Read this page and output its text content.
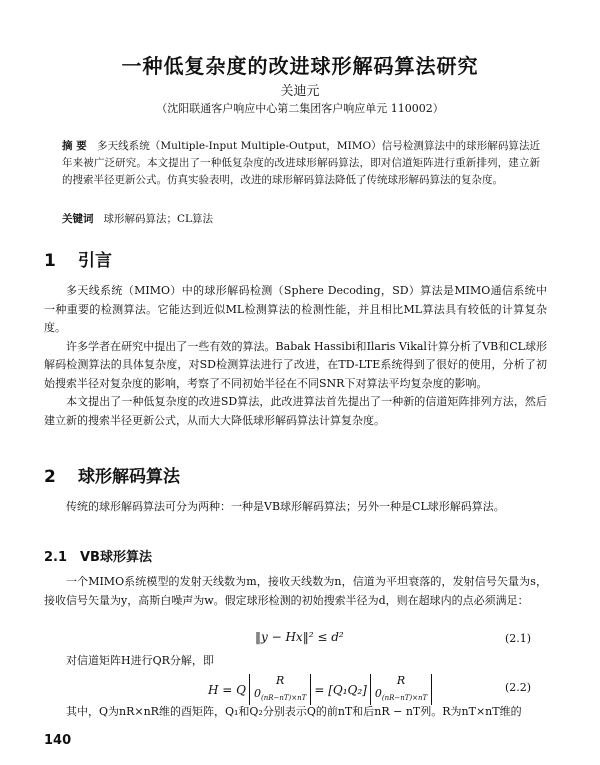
一种低复杂度的改进球形解码算法研究
关迪元
（沈阳联通客户响应中心第二集团客户响应单元 110002）
摘 要 多天线系统（Multiple-Input Multiple-Output，MIMO）信号检测算法中的球形解码算法近年来被广泛研究。本文提出了一种低复杂度的改进球形解码算法，即对信道矩阵进行重新排列，建立新的搜索半径更新公式。仿真实验表明，改进的球形解码算法降低了传统球形解码算法的复杂度。
关键词 球形解码算法；CL算法
1 引言

多天线系统（MIMO）中的球形解码检测（Sphere Decoding，SD）算法是MIMO通信系统中一种重要的检测算法。它能达到近似ML检测算法的检测性能，并且相比ML算法具有较低的计算复杂度。

许多学者在研究中提出了一些有效的算法。Babak Hassibi和Ilaris Vikal计算分析了VB和CL球形解码检测算法的具体复杂度，对SD检测算法进行了改进，在TD-LTE系统得到了很好的使用，分析了初始搜索半径对复杂度的影响，考察了不同初始半径在不同SNR下对算法平均复杂度的影响。

本文提出了一种低复杂度的改进SD算法，此改进算法首先提出了一种新的信道矩阵排列方法，然后建立新的搜索半径更新公式，从而大大降低球形解码算法计算复杂度。

2 球形解码算法

传统的球形解码算法可分为两种：一种是VB球形解码算法；另外一种是CL球形解码算法。

2.1 VB球形算法

一个MIMO系统模型的发射天线数为m，接收天线数为n，信道为平坦衰落的，发射信号矢量为s，接收信号矢量为y，高斯白噪声为w。假定球形检测的初始搜索半径为d，则在超球内的点必须满足：

‖y − Hx‖² ≤ d²	(2.1)

对信道矩阵H进行QR分解，即

H = Q
R
$0_{(nR-nT)\times nT}$
= [Q₁Q₂]
R
$0_{(nR-nT)\times nT}$
(2.2)

其中，Q为nR×nR维的酉矩阵，Q₁和Q₂分别表示Q的前nT和后nR − nT列。R为nT×nT维的

140
